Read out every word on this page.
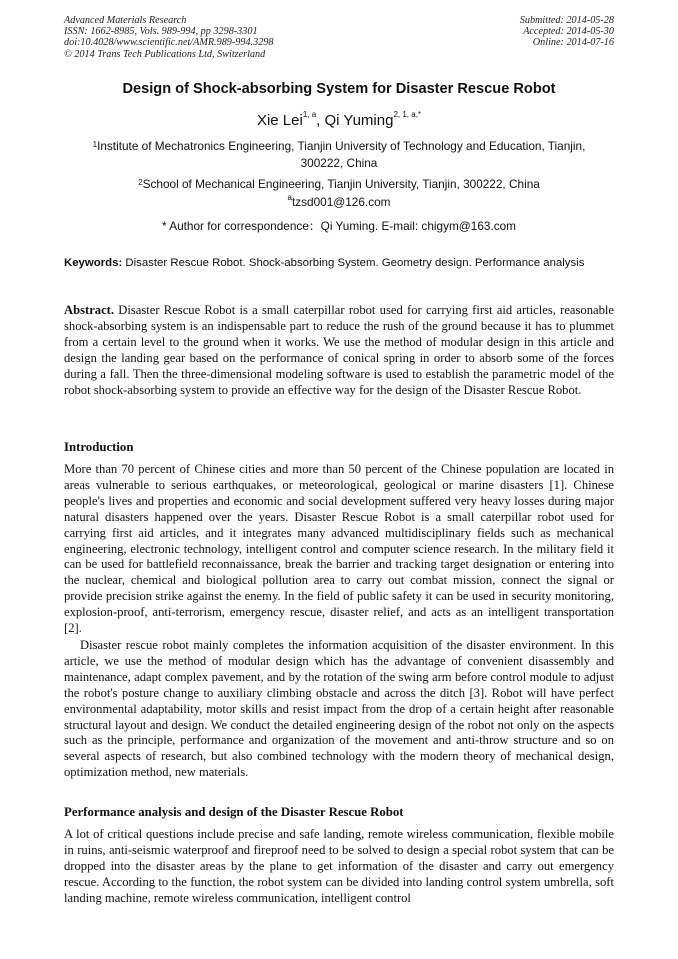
Advanced Materials Research
ISSN: 1662-8985, Vols. 989-994, pp 3298-3301
doi:10.4028/www.scientific.net/AMR.989-994.3298
© 2014 Trans Tech Publications Ltd, Switzerland
Submitted: 2014-05-28
Accepted: 2014-05-30
Online: 2014-07-16
Design of Shock-absorbing System for Disaster Rescue Robot
Xie Lei$^{1, a}$, Qi Yuming$^{2, 1, a,*}$
$^1$Institute of Mechatronics Engineering, Tianjin University of Technology and Education, Tianjin, 300222, China
$^2$School of Mechanical Engineering, Tianjin University, Tianjin, 300222, China
$^a$tzsd001@126.com
* Author for correspondence：Qi Yuming. E-mail: chigym@163.com
Keywords: Disaster Rescue Robot. Shock-absorbing System. Geometry design. Performance analysis
Abstract. Disaster Rescue Robot is a small caterpillar robot used for carrying first aid articles, reasonable shock-absorbing system is an indispensable part to reduce the rush of the ground because it has to plummet from a certain level to the ground when it works. We use the method of modular design in this article and design the landing gear based on the performance of conical spring in order to absorb some of the forces during a fall. Then the three-dimensional modeling software is used to establish the parametric model of the robot shock-absorbing system to provide an effective way for the design of the Disaster Rescue Robot.
Introduction

More than 70 percent of Chinese cities and more than 50 percent of the Chinese population are located in areas vulnerable to serious earthquakes, or meteorological, geological or marine disasters [1]. Chinese people's lives and properties and economic and social development suffered very heavy losses during major natural disasters happened over the years. Disaster Rescue Robot is a small caterpillar robot used for carrying first aid articles, and it integrates many advanced multidisciplinary fields such as mechanical engineering, electronic technology, intelligent control and computer science research. In the military field it can be used for battlefield reconnaissance, break the barrier and tracking target designation or entering into the nuclear, chemical and biological pollution area to carry out combat mission, connect the signal or provide precision strike against the enemy. In the field of public safety it can be used in security monitoring, explosion-proof, anti-terrorism, emergency rescue, disaster relief, and acts as an intelligent transportation [2].

Disaster rescue robot mainly completes the information acquisition of the disaster environment. In this article, we use the method of modular design which has the advantage of convenient disassembly and maintenance, adapt complex pavement, and by the rotation of the swing arm before control module to adjust the robot's posture change to auxiliary climbing obstacle and across the ditch [3]. Robot will have perfect environmental adaptability, motor skills and resist impact from the drop of a certain height after reasonable structural layout and design. We conduct the detailed engineering design of the robot not only on the aspects such as the principle, performance and organization of the movement and anti-throw structure and so on several aspects of research, but also combined technology with the modern theory of mechanical design, optimization method, new materials.

Performance analysis and design of the Disaster Rescue Robot

A lot of critical questions include precise and safe landing, remote wireless communication, flexible mobile in ruins, anti-seismic waterproof and fireproof need to be solved to design a special robot system that can be dropped into the disaster areas by the plane to get information of the disaster and carry out emergency rescue. According to the function, the robot system can be divided into landing control system umbrella, soft landing machine, remote wireless communication, intelligent control
